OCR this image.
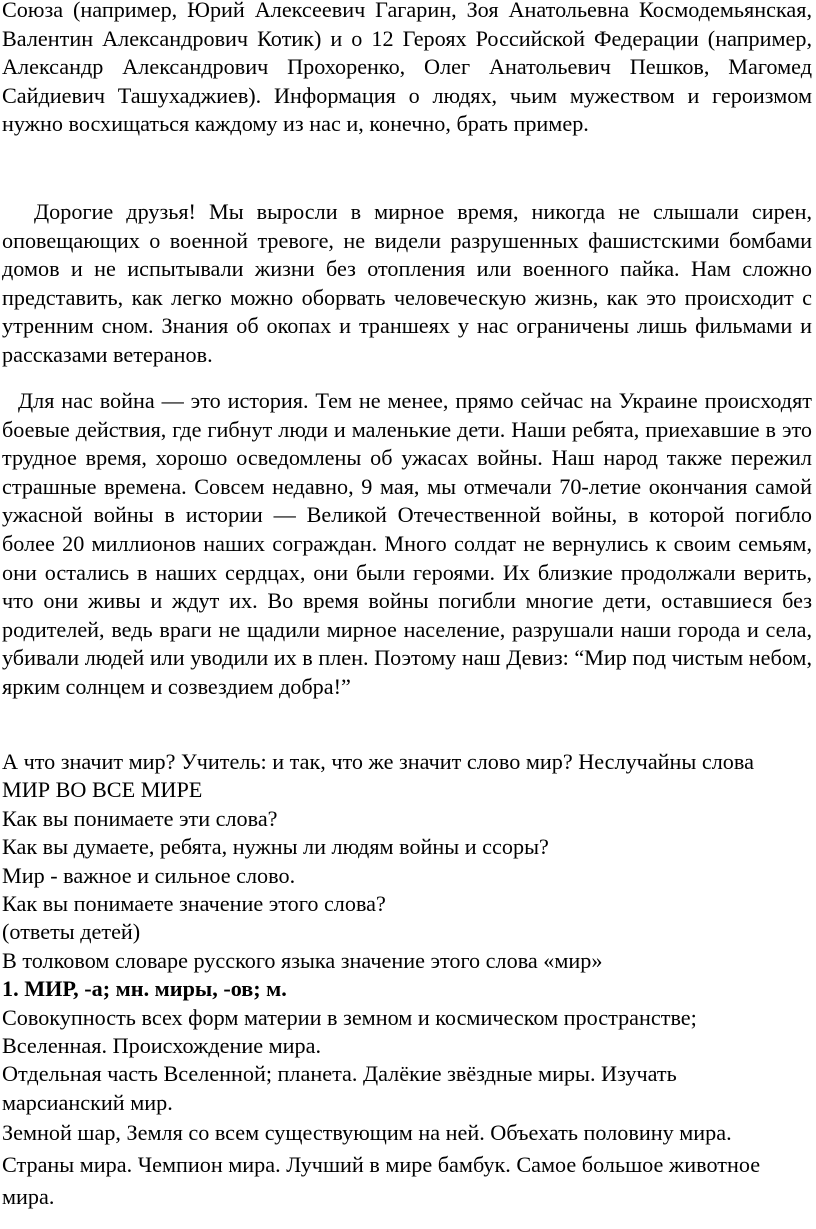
Союза (например, Юрий Алексеевич Гагарин, Зоя Анатольевна Космодемьянская, Валентин Александрович Котик) и о 12 Героях Российской Федерации (например, Александр Александрович Прохоренко, Олег Анатольевич Пешков, Магомед Сайдиевич Ташухаджиев). Информация о людях, чьим мужеством и героизмом нужно восхищаться каждому из нас и, конечно, брать пример.

Дорогие друзья! Мы выросли в мирное время, никогда не слышали сирен, оповещающих о военной тревоге, не видели разрушенных фашистскими бомбами домов и не испытывали жизни без отопления или военного пайка. Нам сложно представить, как легко можно оборвать человеческую жизнь, как это происходит с утренним сном. Знания об окопах и траншеях у нас ограничены лишь фильмами и рассказами ветеранов.

Для нас война — это история. Тем не менее, прямо сейчас на Украине происходят боевые действия, где гибнут люди и маленькие дети. Наши ребята, приехавшие в это трудное время, хорошо осведомлены об ужасах войны. Наш народ также пережил страшные времена. Совсем недавно, 9 мая, мы отмечали 70-летие окончания самой ужасной войны в истории — Великой Отечественной войны, в которой погибло более 20 миллионов наших сограждан. Много солдат не вернулись к своим семьям, они остались в наших сердцах, они были героями. Их близкие продолжали верить, что они живы и ждут их. Во время войны погибли многие дети, оставшиеся без родителей, ведь враги не щадили мирное население, разрушали наши города и села, убивали людей или уводили их в плен. Поэтому наш Девиз: “Мир под чистым небом, ярким солнцем и созвездием добра!”

А что значит мир? Учитель: и так, что же значит слово мир? Неслучайны слова МИР ВО ВСЕ МИРЕ

Как вы понимаете эти слова?

Как вы думаете, ребята, нужны ли людям войны и ссоры?

Мир - важное и сильное слово.

Как вы понимаете значение этого слова?

(ответы детей)

В толковом словаре русского языка значение этого слова «мир»

1. МИР, -а; мн. миры, -ов; м.

Совокупность всех форм материи в земном и космическом пространстве; Вселенная. Происхождение мира.

Отдельная часть Вселенной; планета. Далёкие звёздные миры. Изучать марсианский мир.

Земной шар, Земля со всем существующим на ней. Объехать половину мира.

Страны мира. Чемпион мира. Лучший в мире бамбук. Самое большое животное мира.
